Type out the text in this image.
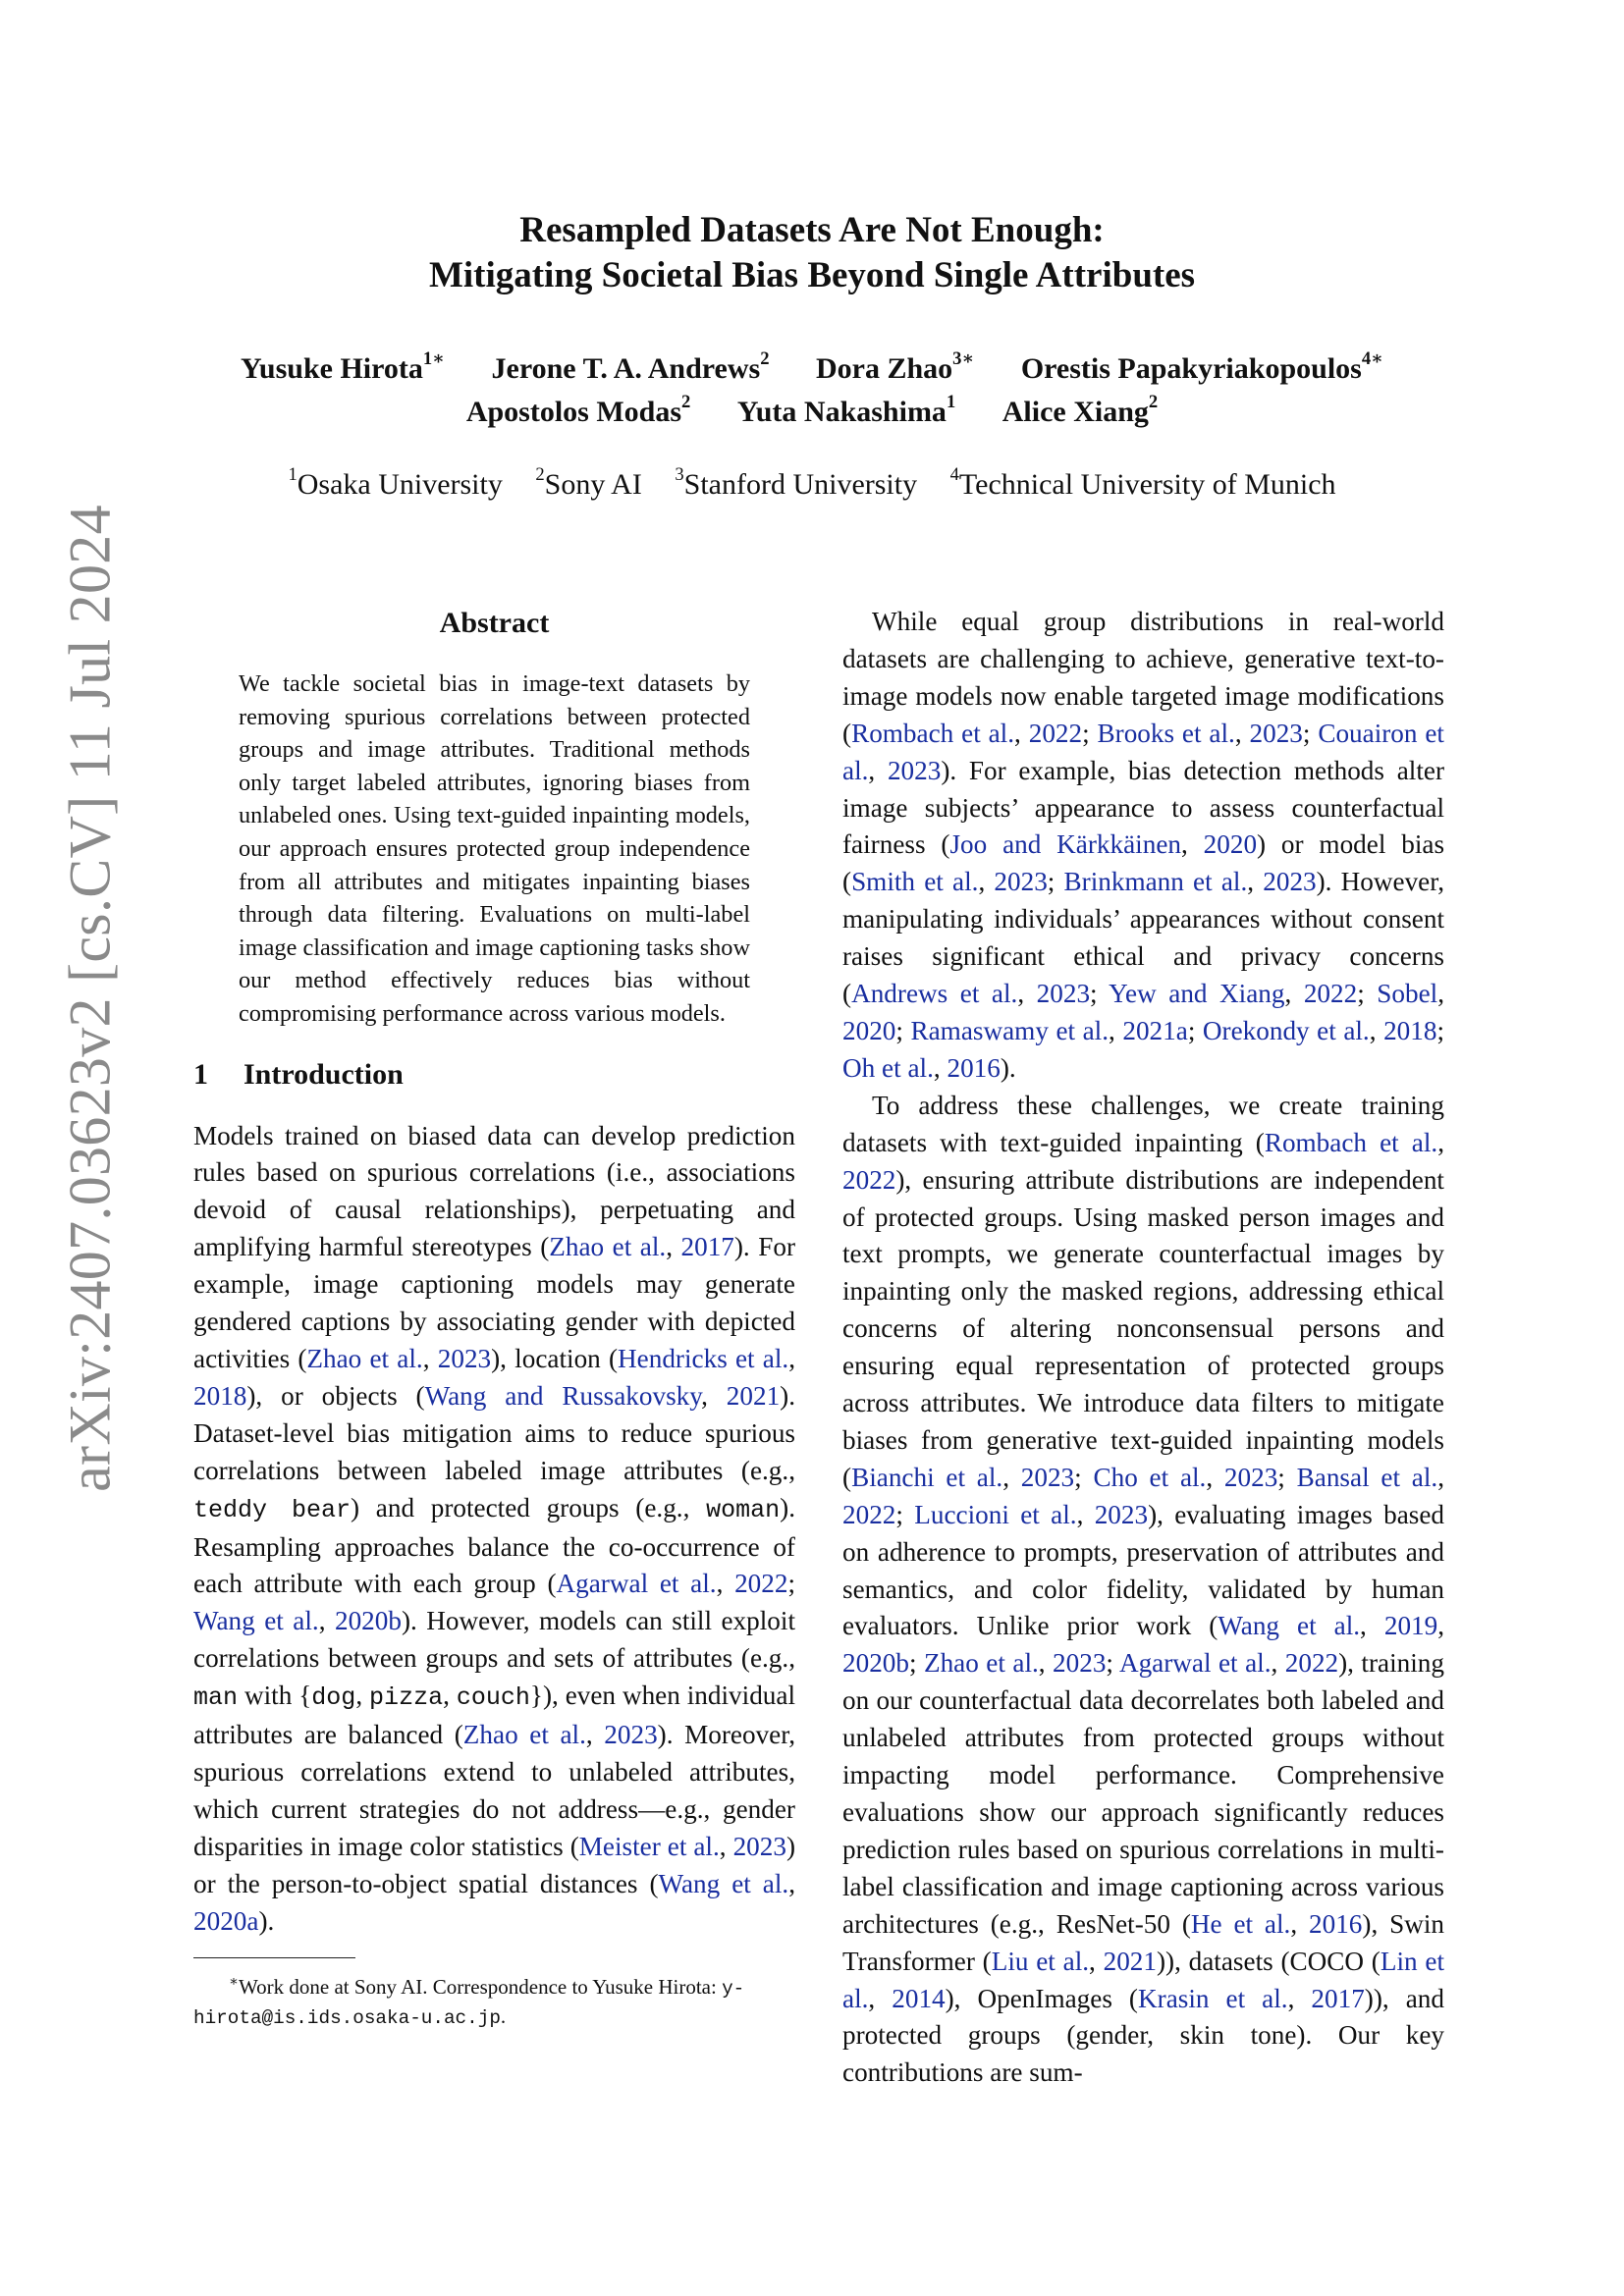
arXiv:2407.03623v2 [cs.CV] 11 Jul 2024
Resampled Datasets Are Not Enough:
Mitigating Societal Bias Beyond Single Attributes
Yusuke Hirota$^{1∗}$ Jerone T. A. Andrews$^2$ Dora Zhao$^{3∗}$ Orestis Papakyriakopoulos$^{4∗}$
Apostolos Modas$^2$ Yuta Nakashima$^1$ Alice Xiang$^2$
$^1$Osaka University $^2$Sony AI $^3$Stanford University $^4$Technical University of Munich
Abstract
We tackle societal bias in image-text datasets by removing spurious correlations between protected groups and image attributes. Traditional methods only target labeled attributes, ignoring biases from unlabeled ones. Using text-guided inpainting models, our approach ensures protected group independence from all attributes and mitigates inpainting biases through data filtering. Evaluations on multi-label image classification and image captioning tasks show our method effectively reduces bias without compromising performance across various models.
1 Introduction

Models trained on biased data can develop prediction rules based on spurious correlations (i.e., associations devoid of causal relationships), perpetuating and amplifying harmful stereotypes (Zhao et al., 2017). For example, image captioning models may generate gendered captions by associating gender with depicted activities (Zhao et al., 2023), location (Hendricks et al., 2018), or objects (Wang and Russakovsky, 2021). Dataset-level bias mitigation aims to reduce spurious correlations between labeled image attributes (e.g., teddy bear) and protected groups (e.g., woman). Resampling approaches balance the co-occurrence of each attribute with each group (Agarwal et al., 2022; Wang et al., 2020b). However, models can still exploit correlations between groups and sets of attributes (e.g., man with {dog, pizza, couch}), even when individual attributes are balanced (Zhao et al., 2023). Moreover, spurious correlations extend to unlabeled attributes, which current strategies do not address—e.g., gender disparities in image color statistics (Meister et al., 2023) or the person-to-object spatial distances (Wang et al., 2020a).

∗Work done at Sony AI. Correspondence to Yusuke Hirota: y-hirota@is.ids.osaka-u.ac.jp.

While equal group distributions in real-world datasets are challenging to achieve, generative text-to-image models now enable targeted image modifications (Rombach et al., 2022; Brooks et al., 2023; Couairon et al., 2023). For example, bias detection methods alter image subjects’ appearance to assess counterfactual fairness (Joo and Kärkkäinen, 2020) or model bias (Smith et al., 2023; Brinkmann et al., 2023). However, manipulating individuals’ appearances without consent raises significant ethical and privacy concerns (Andrews et al., 2023; Yew and Xiang, 2022; Sobel, 2020; Ramaswamy et al., 2021a; Orekondy et al., 2018; Oh et al., 2016).

To address these challenges, we create training datasets with text-guided inpainting (Rombach et al., 2022), ensuring attribute distributions are independent of protected groups. Using masked person images and text prompts, we generate counterfactual images by inpainting only the masked regions, addressing ethical concerns of altering nonconsensual persons and ensuring equal representation of protected groups across attributes. We introduce data filters to mitigate biases from generative text-guided inpainting models (Bianchi et al., 2023; Cho et al., 2023; Bansal et al., 2022; Luccioni et al., 2023), evaluating images based on adherence to prompts, preservation of attributes and semantics, and color fidelity, validated by human evaluators. Unlike prior work (Wang et al., 2019, 2020b; Zhao et al., 2023; Agarwal et al., 2022), training on our counterfactual data decorrelates both labeled and unlabeled attributes from protected groups without impacting model performance. Comprehensive evaluations show our approach significantly reduces prediction rules based on spurious correlations in multi-label classification and image captioning across various architectures (e.g., ResNet-50 (He et al., 2016), Swin Transformer (Liu et al., 2021)), datasets (COCO (Lin et al., 2014), OpenImages (Krasin et al., 2017)), and protected groups (gender, skin tone). Our key contributions are sum-
